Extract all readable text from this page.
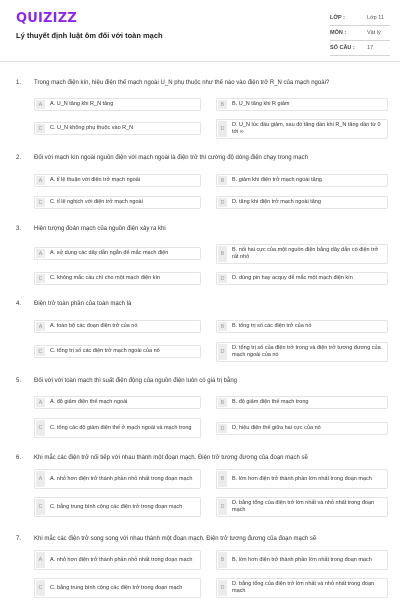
QUIZIZZ
Lý thuyết định luật ôm đối với toàn mạch
LỚP :	Lớp 11
MÔN :	Vật lý
SỐ CÂU : 17
1. Trong mạch điện kín, hiệu điện thế mạch ngoài U_N phụ thuộc như thế nào vào điện trở R_N của mạch ngoài?
A	A. U_N tăng khi R_N tăng	B	B. U_N tăng khi R giảm
C	C. U_N không phụ thuộc vào R_N	D
D. U_N lúc đầu giảm, sau đó tăng dần khi R_N tăng dần từ 0 tới ∞
2. Đối với mạch kín ngoài nguồn điện với mạch ngoài là điện trở thì cường độ dòng điện chạy trong mạch
A	A. tỉ lệ thuận với điện trở mạch ngoài	B	B. giảm khi điện trở mạch ngoài tăng
C	C. tỉ lệ nghịch với điện trở mạch ngoài	D	D. tăng khi điện trở mạch ngoài tăng
3. Hiện tượng đoản mạch của nguồn điện xảy ra khi
A	A. sử dụng các dây dẫn ngắn để mắc mạch điện	B
B. nối hai cực của một nguồn điện bằng dây dẫn có điện trở rất nhỏ
C	C. không mắc cầu chì cho một mạch điện kín	D	D. dùng pin hay acquy để mắc một mạch điện kín
4. Điện trở toàn phần của toàn mạch là
A	A. toàn bộ các đoạn điện trở của nó	B	B. tổng trị số các điện trở của nó
C	C. tổng trị số các điện trở mạch ngoài của nó	D
D. tổng trị số của điện trở trong và điện trở tương đương của mạch ngoài của nó
5. Đối với với toàn mạch thì suất điện động của nguồn điện luôn có giá trị bằng
A	A. độ giảm điện thế mạch ngoài	B	B. độ giảm điện thế mạch trong
C	C. tổng các độ giảm điện thế ở mạch ngoài và mạch trong	D	D. hiệu điện thế giữa hai cực của nó
6. Khi mắc các điện trở nối tiếp với nhau thành một đoạn mạch. Điện trở tương đương của đoạn mạch sẽ
A	A. nhỏ hơn điện trở thành phần nhỏ nhất trong đoạn mạch	B	B. lớn hơn điện trở thành phần lớn nhất trong đoạn mạch
C	C. bằng trung bình cộng các điện trở trong đoạn mạch	D
D. bằng tổng của điện trở lớn nhất và nhỏ nhất trong đoạn mạch
7. Khi mắc các điện trở song song với nhau thành một đoạn mạch. Điện trở tương đương của đoạn mạch sẽ
A	A. nhỏ hơn điện trở thành phần nhỏ nhất trong đoạn mạch	B	B. lớn hơn điện trở thành phần lớn nhất trong đoạn mạch
C	C. bằng trung bình cộng các điện trở trong đoạn mạch	D
D. bằng tổng của điện trở lớn nhất và nhỏ nhất trong đoạn mạch
